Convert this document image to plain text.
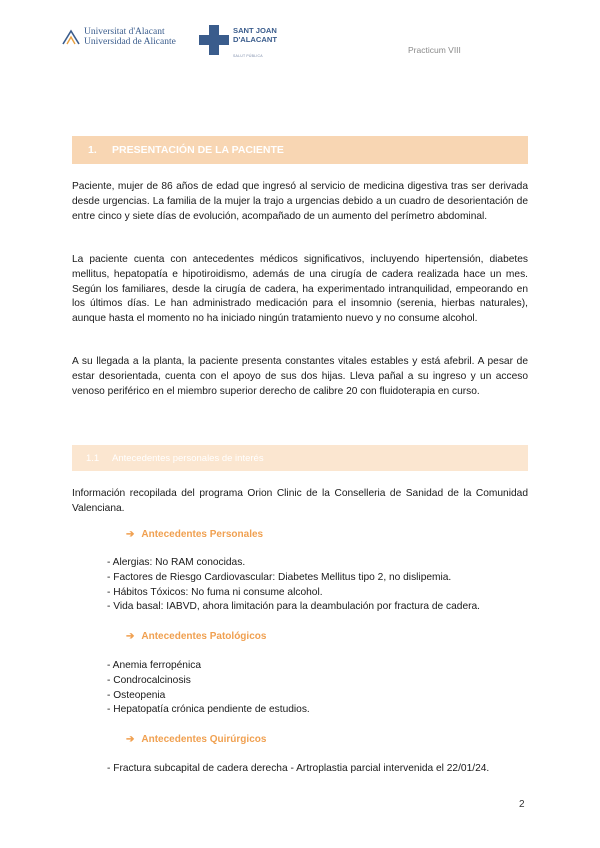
Universitat d'Alacant
Universidad de Alicante
SANT JOAN
D'ALACANT
SALUT PÚBLICA
Practicum VIII
1. PRESENTACIÓN DE LA PACIENTE

Paciente, mujer de 86 años de edad que ingresó al servicio de medicina digestiva tras ser derivada desde urgencias. La familia de la mujer la trajo a urgencias debido a un cuadro de desorientación de entre cinco y siete días de evolución, acompañado de un aumento del perímetro abdominal.

La paciente cuenta con antecedentes médicos significativos, incluyendo hipertensión, diabetes mellitus, hepatopatía e hipotiroidismo, además de una cirugía de cadera realizada hace un mes. Según los familiares, desde la cirugía de cadera, ha experimentado intranquilidad, empeorando en los últimos días. Le han administrado medicación para el insomnio (serenia, hierbas naturales), aunque hasta el momento no ha iniciado ningún tratamiento nuevo y no consume alcohol.

A su llegada a la planta, la paciente presenta constantes vitales estables y está afebril. A pesar de estar desorientada, cuenta con el apoyo de sus dos hijas. Lleva pañal a su ingreso y un acceso venoso periférico en el miembro superior derecho de calibre 20 con fluidoterapia en curso.

1.1 Antecedentes personales de interés

Información recopilada del programa Orion Clinic de la Conselleria de Sanidad de la Comunidad Valenciana.

➔ Antecedentes Personales
- Alergias: No RAM conocidas.
- Factores de Riesgo Cardiovascular: Diabetes Mellitus tipo 2, no dislipemia.
- Hábitos Tóxicos: No fuma ni consume alcohol.
- Vida basal: IABVD, ahora limitación para la deambulación por fractura de cadera.
➔ Antecedentes Patológicos
- Anemia ferropénica
- Condrocalcinosis
- Osteopenia
- Hepatopatía crónica pendiente de estudios.
➔ Antecedentes Quirúrgicos
- Fractura subcapital de cadera derecha - Artroplastia parcial intervenida el 22/01/24.
2
